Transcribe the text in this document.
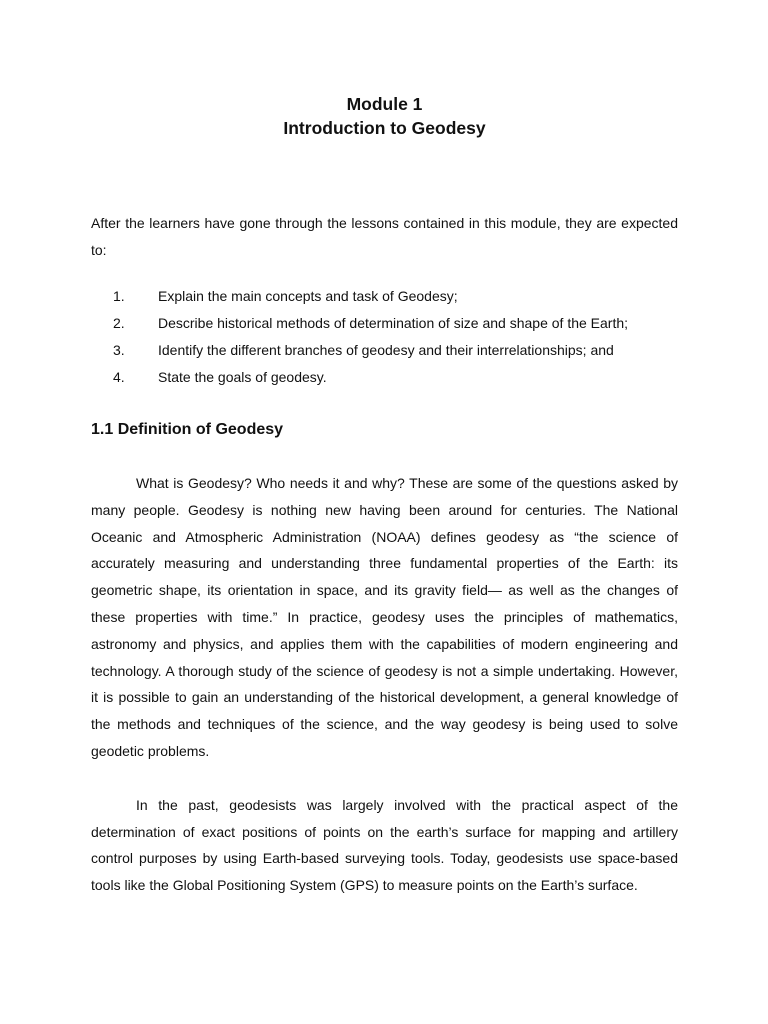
Module 1
Introduction to Geodesy

After the learners have gone through the lessons contained in this module, they are expected to:

1.	Explain the main concepts and task of Geodesy;
2.	Describe historical methods of determination of size and shape of the Earth;
3.	Identify the different branches of geodesy and their interrelationships; and
4.	State the goals of geodesy.
1.1 Definition of Geodesy

What is Geodesy? Who needs it and why? These are some of the questions asked by many people. Geodesy is nothing new having been around for centuries. The National Oceanic and Atmospheric Administration (NOAA) defines geodesy as “the science of accurately measuring and understanding three fundamental properties of the Earth: its geometric shape, its orientation in space, and its gravity field— as well as the changes of these properties with time.” In practice, geodesy uses the principles of mathematics, astronomy and physics, and applies them with the capabilities of modern engineering and technology. A thorough study of the science of geodesy is not a simple undertaking. However, it is possible to gain an understanding of the historical development, a general knowledge of the methods and techniques of the science, and the way geodesy is being used to solve geodetic problems.

In the past, geodesists was largely involved with the practical aspect of the determination of exact positions of points on the earth’s surface for mapping and artillery control purposes by using Earth-based surveying tools. Today, geodesists use space-based tools like the Global Positioning System (GPS) to measure points on the Earth’s surface.
